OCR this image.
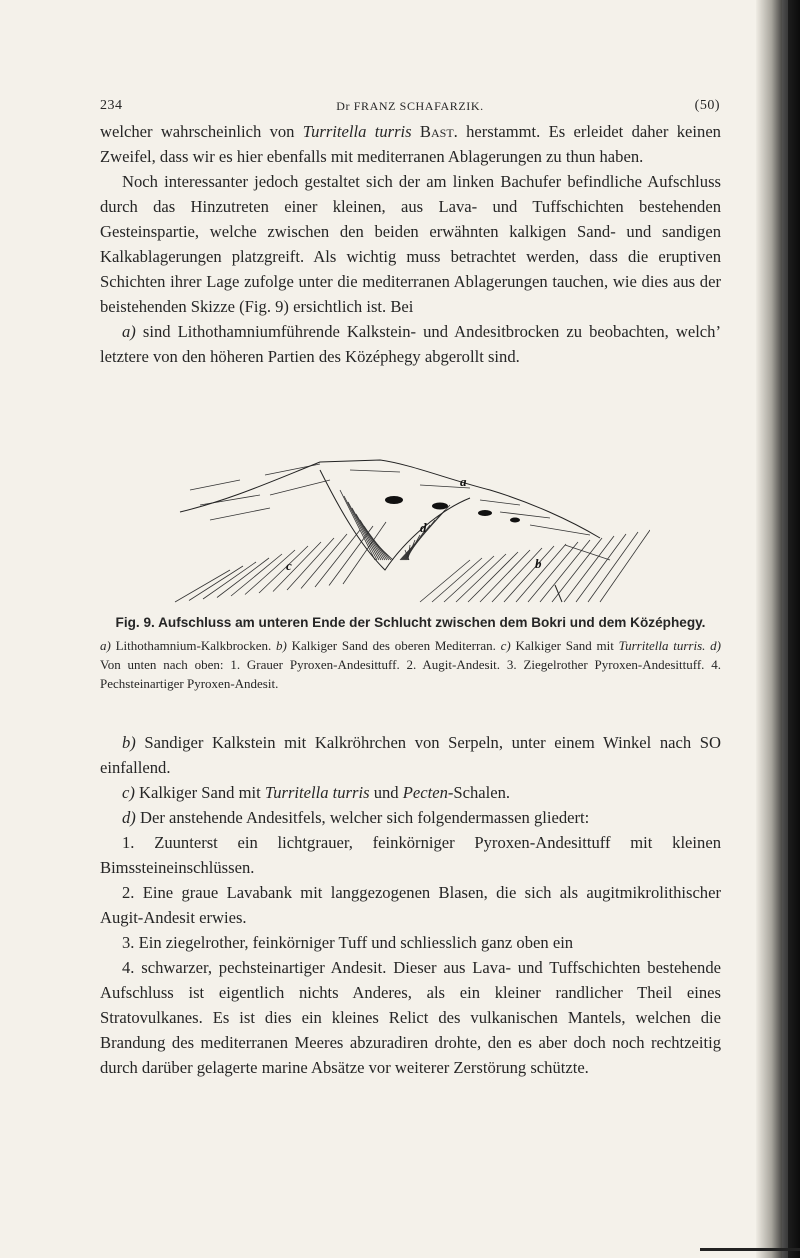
234	Dr FRANZ SCHAFARZIK.	(50)

welcher wahrscheinlich von Turritella turris Bast. herstammt. Es erleidet daher keinen Zweifel, dass wir es hier ebenfalls mit mediterranen Ablagerungen zu thun haben.

Noch interessanter jedoch gestaltet sich der am linken Bachufer befindliche Aufschluss durch das Hinzutreten einer kleinen, aus Lava- und Tuffschichten bestehenden Gesteinspartie, welche zwischen den beiden erwähnten kalkigen Sand- und sandigen Kalkablagerungen platzgreift. Als wichtig muss betrachtet werden, dass die eruptiven Schichten ihrer Lage zufolge unter die mediterranen Ablagerungen tauchen, wie dies aus der beistehenden Skizze (Fig. 9) ersichtlich ist. Bei

a) sind Lithothamniumführende Kalkstein- und Andesitbrocken zu beobachten, welch’ letztere von den höheren Partien des Középhegy abgerollt sind.

a
d
c	b
Fig. 9. Aufschluss am unteren Ende der Schlucht zwischen dem Bokri und dem Középhegy.
a) Lithothamnium-Kalkbrocken. b) Kalkiger Sand des oberen Mediterran. c) Kalkiger Sand mit Turritella turris. d) Von unten nach oben: 1. Grauer Pyroxen-Andesittuff. 2. Augit-Andesit. 3. Ziegelrother Pyroxen-Andesittuff. 4. Pechsteinartiger Pyroxen-Andesit.

b) Sandiger Kalkstein mit Kalkröhrchen von Serpeln, unter einem Winkel nach SO einfallend.

c) Kalkiger Sand mit Turritella turris und Pecten-Schalen.

d) Der anstehende Andesitfels, welcher sich folgendermassen gliedert:

1. Zuunterst ein lichtgrauer, feinkörniger Pyroxen-Andesittuff mit kleinen Bimssteineinschlüssen.

2. Eine graue Lavabank mit langgezogenen Blasen, die sich als augitmikrolithischer Augit-Andesit erwies.

3. Ein ziegelrother, feinkörniger Tuff und schliesslich ganz oben ein

4. schwarzer, pechsteinartiger Andesit. Dieser aus Lava- und Tuffschichten bestehende Aufschluss ist eigentlich nichts Anderes, als ein kleiner randlicher Theil eines Stratovulkanes. Es ist dies ein kleines Relict des vulkanischen Mantels, welchen die Brandung des mediterranen Meeres abzuradiren drohte, den es aber doch noch rechtzeitig durch darüber gelagerte marine Absätze vor weiterer Zerstörung schützte.
